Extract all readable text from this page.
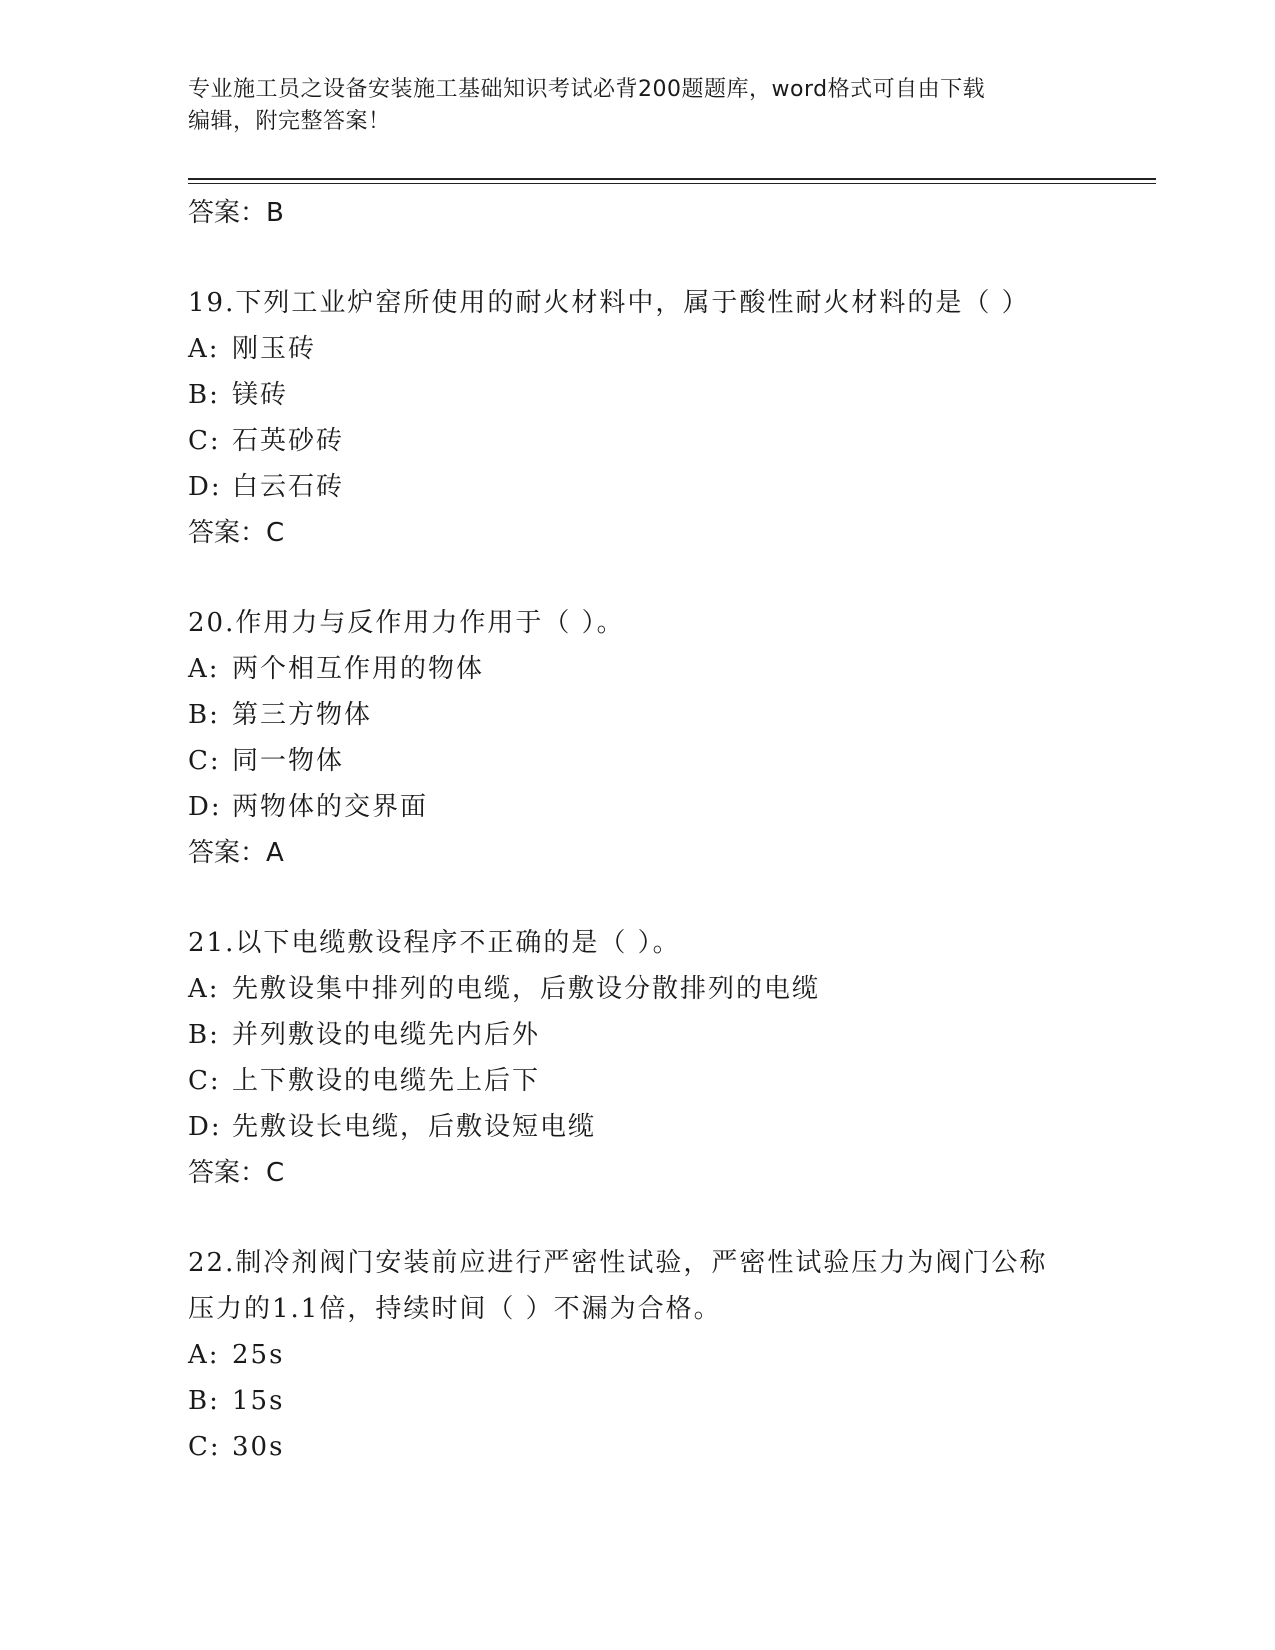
专业施工员之设备安装施工基础知识考试必背200题题库，word格式可自由下载
编辑，附完整答案！
答案：B
19.下列工业炉窑所使用的耐火材料中，属于酸性耐火材料的是（ ）
A: 刚玉砖
B: 镁砖
C: 石英砂砖
D: 白云石砖
答案：C
20.作用力与反作用力作用于（ ）。
A: 两个相互作用的物体
B: 第三方物体
C: 同一物体
D: 两物体的交界面
答案：A
21.以下电缆敷设程序不正确的是（ ）。
A: 先敷设集中排列的电缆，后敷设分散排列的电缆
B: 并列敷设的电缆先内后外
C: 上下敷设的电缆先上后下
D: 先敷设长电缆，后敷设短电缆
答案：C
22.制冷剂阀门安装前应进行严密性试验，严密性试验压力为阀门公称
压力的1.1倍，持续时间（ ）不漏为合格。
A: 25s
B: 15s
C: 30s
